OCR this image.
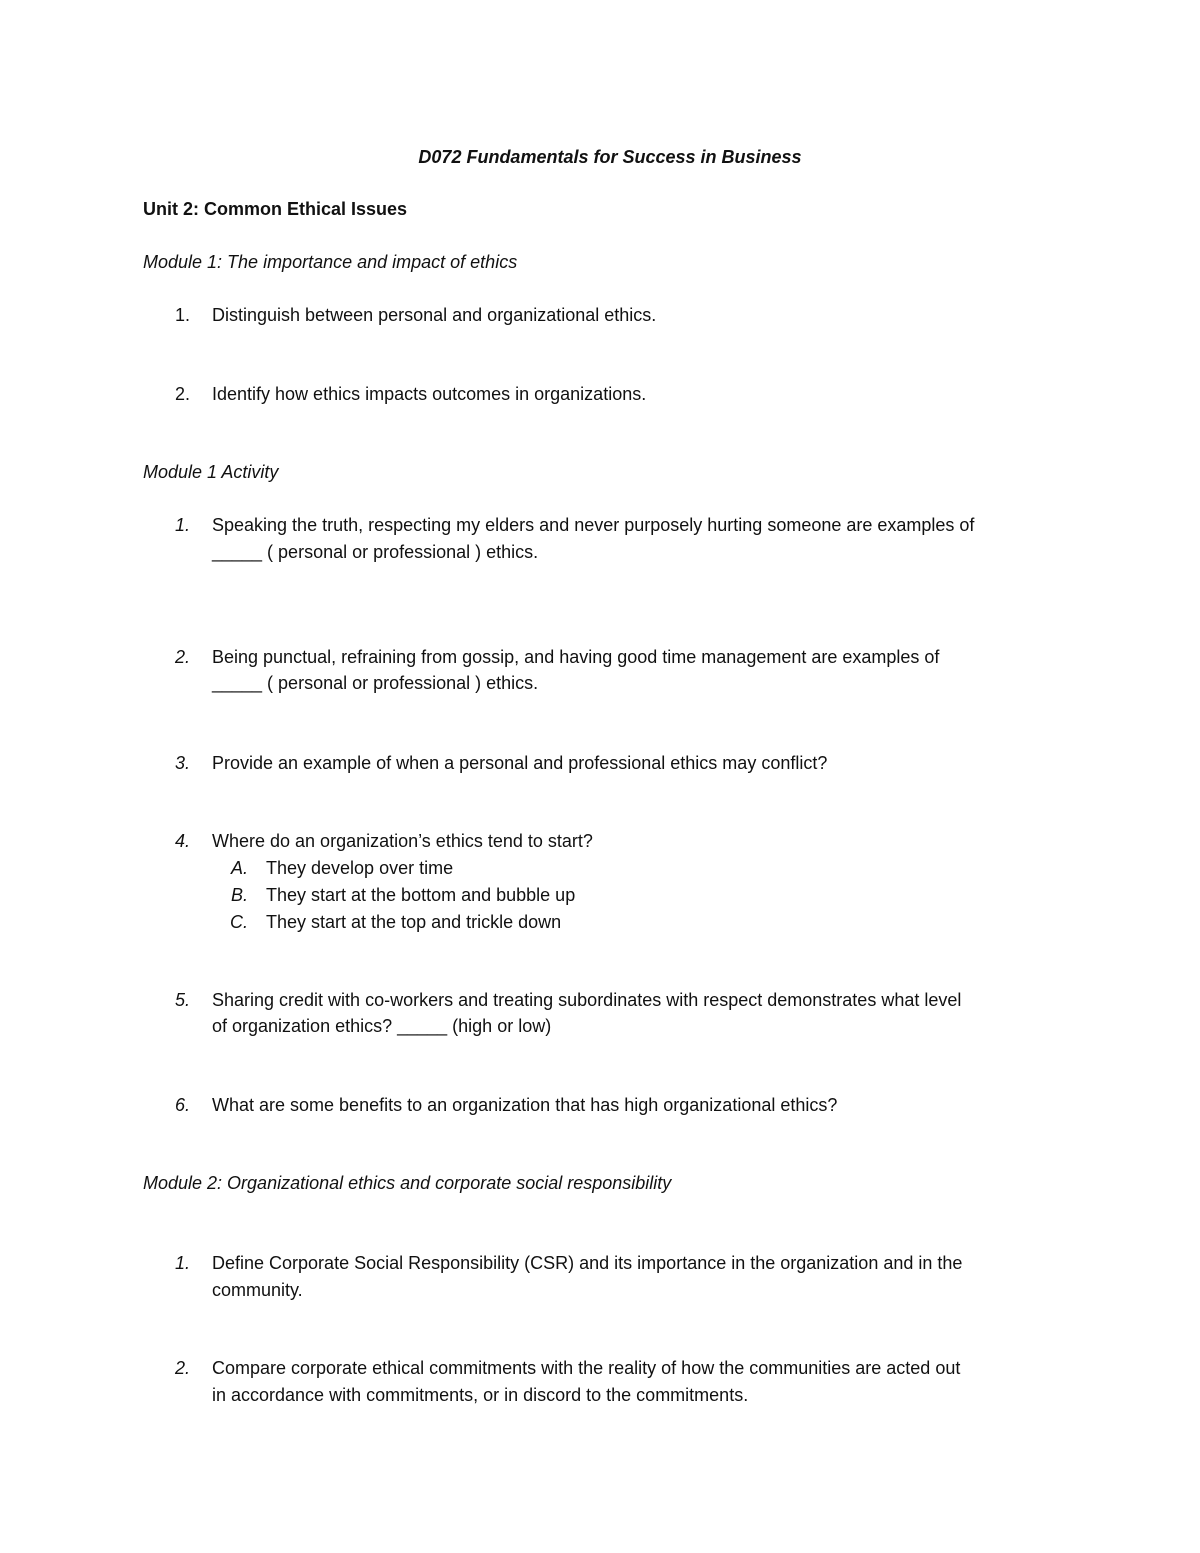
D072 Fundamentals for Success in Business
Unit 2: Common Ethical Issues
Module 1: The importance and impact of ethics
1. Distinguish between personal and organizational ethics.
2. Identify how ethics impacts outcomes in organizations.
Module 1 Activity
1. Speaking the truth, respecting my elders and never purposely hurting someone are examples of
_____ ( personal or professional ) ethics.
2. Being punctual, refraining from gossip, and having good time management are examples of
_____ ( personal or professional ) ethics.
3. Provide an example of when a personal and professional ethics may conflict?
4. Where do an organization’s ethics tend to start?
A. They develop over time
B. They start at the bottom and bubble up
C. They start at the top and trickle down
5. Sharing credit with co-workers and treating subordinates with respect demonstrates what level
of organization ethics? _____ (high or low)
6. What are some benefits to an organization that has high organizational ethics?
Module 2: Organizational ethics and corporate social responsibility
1. Define Corporate Social Responsibility (CSR) and its importance in the organization and in the
community.
2. Compare corporate ethical commitments with the reality of how the communities are acted out
in accordance with commitments, or in discord to the commitments.
